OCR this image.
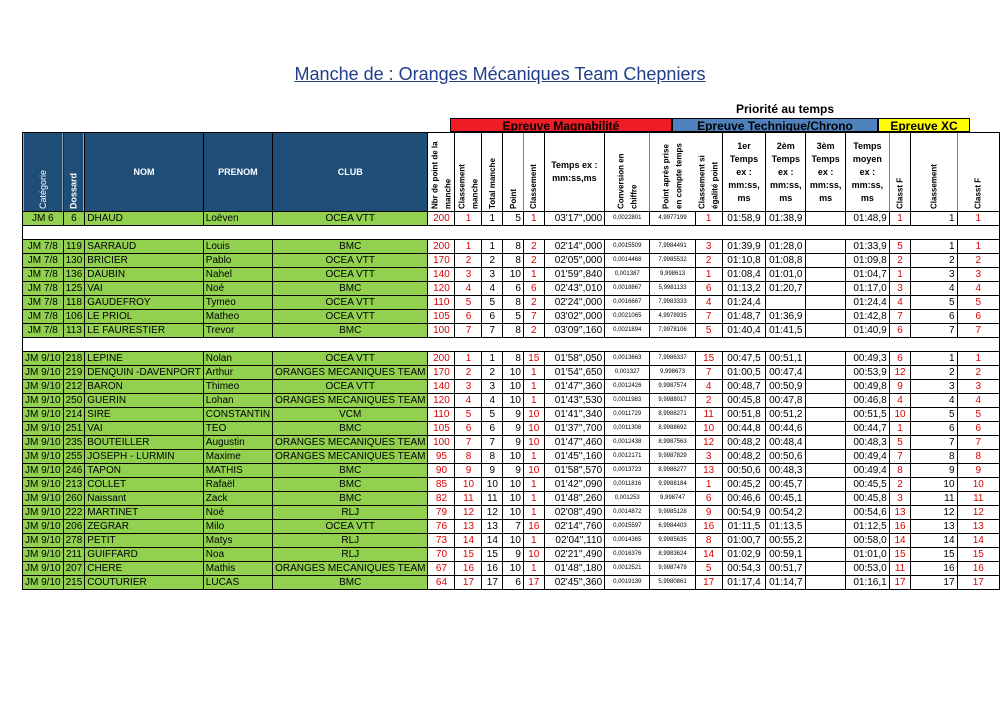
Manche de : Oranges Mécaniques Team Chepniers
Priorité au temps
Epreuve Magnabilité	Epreuve Technique/Chrono	Epreuve XC
Catégorie	Dossard	NOM	PRENOM	CLUB	Nbr de point de la manche	Classement manche	Total manche	Point	Classement	Temps ex : mm:ss,ms	Conversion en chiffre	Point après prise en compte temps	Classement si égalité point	1er Temps ex : mm:ss, ms	2èm Temps ex : mm:ss, ms	3èm Temps ex : mm:ss, ms	Temps moyen ex : mm:ss, ms	Classt F	Classement	Classt F
JM 6	6	DHAUD	Loëven	OCEA VTT	200	1	1	5	1	03'17'',000	0,0022801	4,9977199	1	01:58,9	01:38,9		01:48,9	1	1	1

JM 7/8	119	SARRAUD	Louis	BMC	200	1	1	8	2	02'14'',000	0,0015509	7,9984491	3	01:39,9	01:28,0		01:33,9	5	1	1
JM 7/8	130	BRICIER	Pablo	OCEA VTT	170	2	2	8	2	02'05'',000	0,0014468	7,9985532	2	01:10,8	01:08,8		01:09,8	2	2	2
JM 7/8	136	DAUBIN	Nahel	OCEA VTT	140	3	3	10	1	01'59'',840	0,001387	9,998613	1	01:08,4	01:01,0		01:04,7	1	3	3
JM 7/8	125	VAI	Noé	BMC	120	4	4	6	6	02'43'',010	0,0018867	5,9981133	6	01:13,2	01:20,7		01:17,0	3	4	4
JM 7/8	118	GAUDEFROY	Tymeo	OCEA VTT	110	5	5	8	2	02'24'',000	0,0016667	7,9983333	4	01:24,4			01:24,4	4	5	5
JM 7/8	106	LE PRIOL	Matheo	OCEA VTT	105	6	6	5	7	03'02'',000	0,0021065	4,9978935	7	01:48,7	01:36,9		01:42,8	7	6	6
JM 7/8	113	LE FAURESTIER	Trevor	BMC	100	7	7	8	2	03'09'',160	0,0021894	7,9978106	5	01:40,4	01:41,5		01:40,9	6	7	7

JM 9/10	218	LEPINE	Nolan	OCEA VTT	200	1	1	8	15	01'58'',050	0,0013663	7,9986337	15	00:47,5	00:51,1		00:49,3	6	1	1
JM 9/10	219	DENQUIN -DAVENPORT	Arthur	ORANGES MECANIQUES TEAM	170	2	2	10	1	01'54'',650	0,001327	9,998673	7	01:00,5	00:47,4		00:53,9	12	2	2
JM 9/10	212	BARON	Thimeo	OCEA VTT	140	3	3	10	1	01'47'',360	0,0012426	9,9987574	4	00:48,7	00:50,9		00:49,8	9	3	3
JM 9/10	250	GUERIN	Lohan	ORANGES MECANIQUES TEAM	120	4	4	10	1	01'43'',530	0,0011983	9,9988017	2	00:45,8	00:47,8		00:46,8	4	4	4
JM 9/10	214	SIRE	CONSTANTIN	VCM	110	5	5	9	10	01'41'',340	0,0011729	8,9988271	11	00:51,8	00:51,2		00:51,5	10	5	5
JM 9/10	251	VAI	TEO	BMC	105	6	6	9	10	01'37'',700	0,0011308	8,9988692	10	00:44,8	00:44,6		00:44,7	1	6	6
JM 9/10	235	BOUTEILLER	Augustin	ORANGES MECANIQUES TEAM	100	7	7	9	10	01'47'',460	0,0012438	8,9987563	12	00:48,2	00:48,4		00:48,3	5	7	7
JM 9/10	255	JOSEPH - LURMIN	Maxime	ORANGES MECANIQUES TEAM	95	8	8	10	1	01'45'',160	0,0012171	9,9987829	3	00:48,2	00:50,6		00:49,4	7	8	8
JM 9/10	246	TAPON	MATHIS	BMC	90	9	9	9	10	01'58'',570	0,0013723	8,9986277	13	00:50,6	00:48,3		00:49,4	8	9	9
JM 9/10	213	COLLET	Rafaël	BMC	85	10	10	10	1	01'42'',090	0,0011816	9,9988184	1	00:45,2	00:45,7		00:45,5	2	10	10
JM 9/10	260	Naissant	Zack	BMC	82	11	11	10	1	01'48'',260	0,001253	9,998747	6	00:46,6	00:45,1		00:45,8	3	11	11
JM 9/10	222	MARTINET	Noé	RLJ	79	12	12	10	1	02'08'',490	0,0014872	9,9985128	9	00:54,9	00:54,2		00:54,6	13	12	12
JM 9/10	206	ZEGRAR	Milo	OCEA VTT	76	13	13	7	16	02'14'',760	0,0015597	6,9984403	16	01:11,5	01:13,5		01:12,5	16	13	13
JM 9/10	278	PETIT	Matys	RLJ	73	14	14	10	1	02'04'',110	0,0014365	9,9985635	8	01:00,7	00:55,2		00:58,0	14	14	14
JM 9/10	211	GUIFFARD	Noa	RLJ	70	15	15	9	10	02'21'',490	0,0016376	8,9983624	14	01:02,9	00:59,1		01:01,0	15	15	15
JM 9/10	207	CHERE	Mathis	ORANGES MECANIQUES TEAM	67	16	16	10	1	01'48'',180	0,0012521	9,9987479	5	00:54,3	00:51,7		00:53,0	11	16	16
JM 9/10	215	COUTURIER	LUCAS	BMC	64	17	17	6	17	02'45'',360	0,0019139	5,9980861	17	01:17,4	01:14,7		01:16,1	17	17	17
